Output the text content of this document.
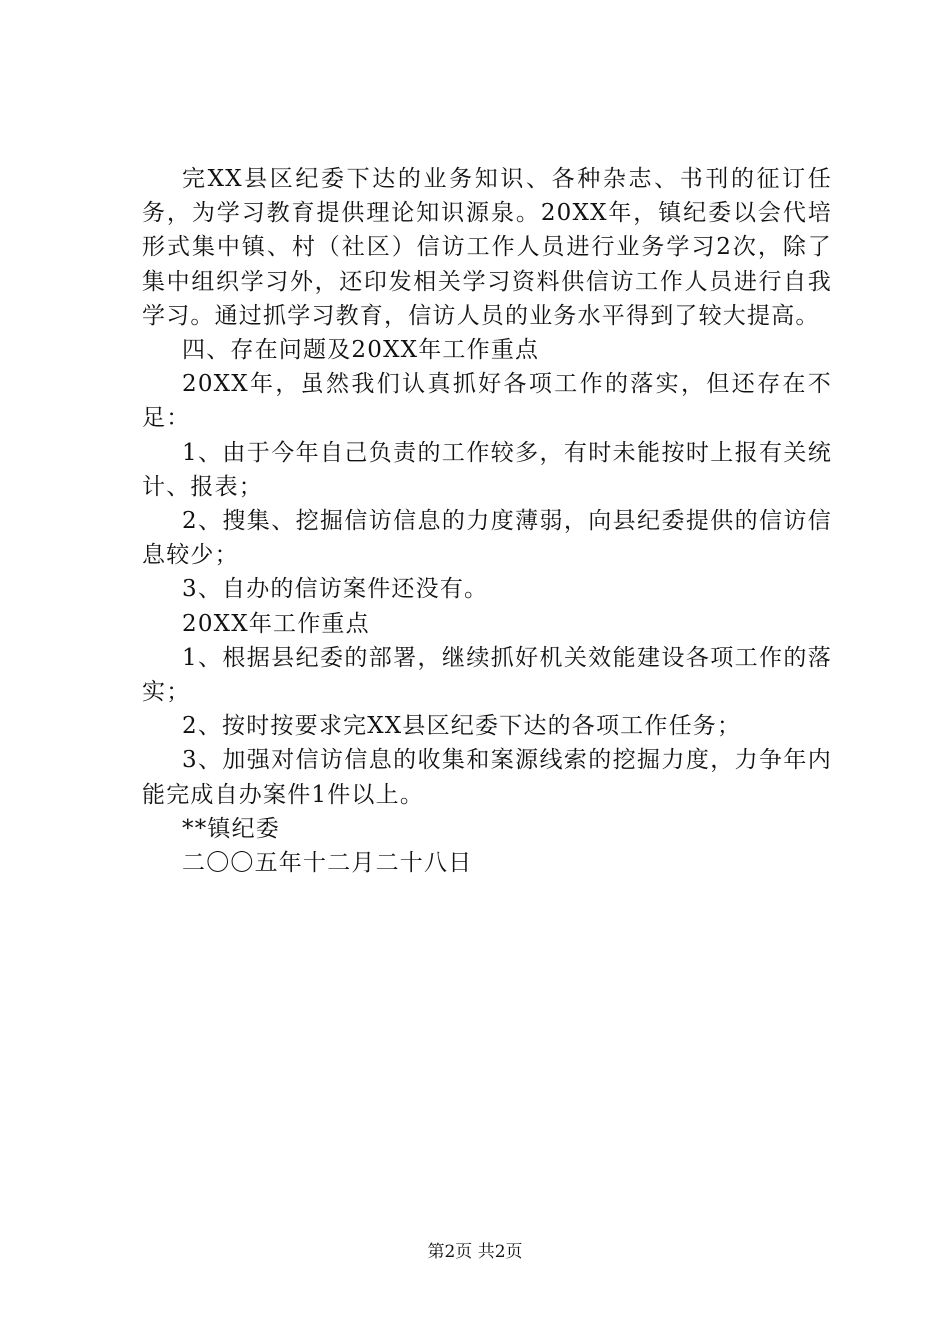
完XX县区纪委下达的业务知识、各种杂志、书刊的征订任务，为学习教育提供理论知识源泉。20XX年，镇纪委以会代培形式集中镇、村（社区）信访工作人员进行业务学习2次，除了集中组织学习外，还印发相关学习资料供信访工作人员进行自我学习。通过抓学习教育，信访人员的业务水平得到了较大提高。

四、存在问题及20XX年工作重点

20XX年，虽然我们认真抓好各项工作的落实，但还存在不足：

1、由于今年自己负责的工作较多，有时未能按时上报有关统计、报表；

2、搜集、挖掘信访信息的力度薄弱，向县纪委提供的信访信息较少；

3、自办的信访案件还没有。

20XX年工作重点

1、根据县纪委的部署，继续抓好机关效能建设各项工作的落实；

2、按时按要求完XX县区纪委下达的各项工作任务；

3、加强对信访信息的收集和案源线索的挖掘力度，力争年内能完成自办案件1件以上。

**镇纪委

二〇〇五年十二月二十八日

第2页 共2页
